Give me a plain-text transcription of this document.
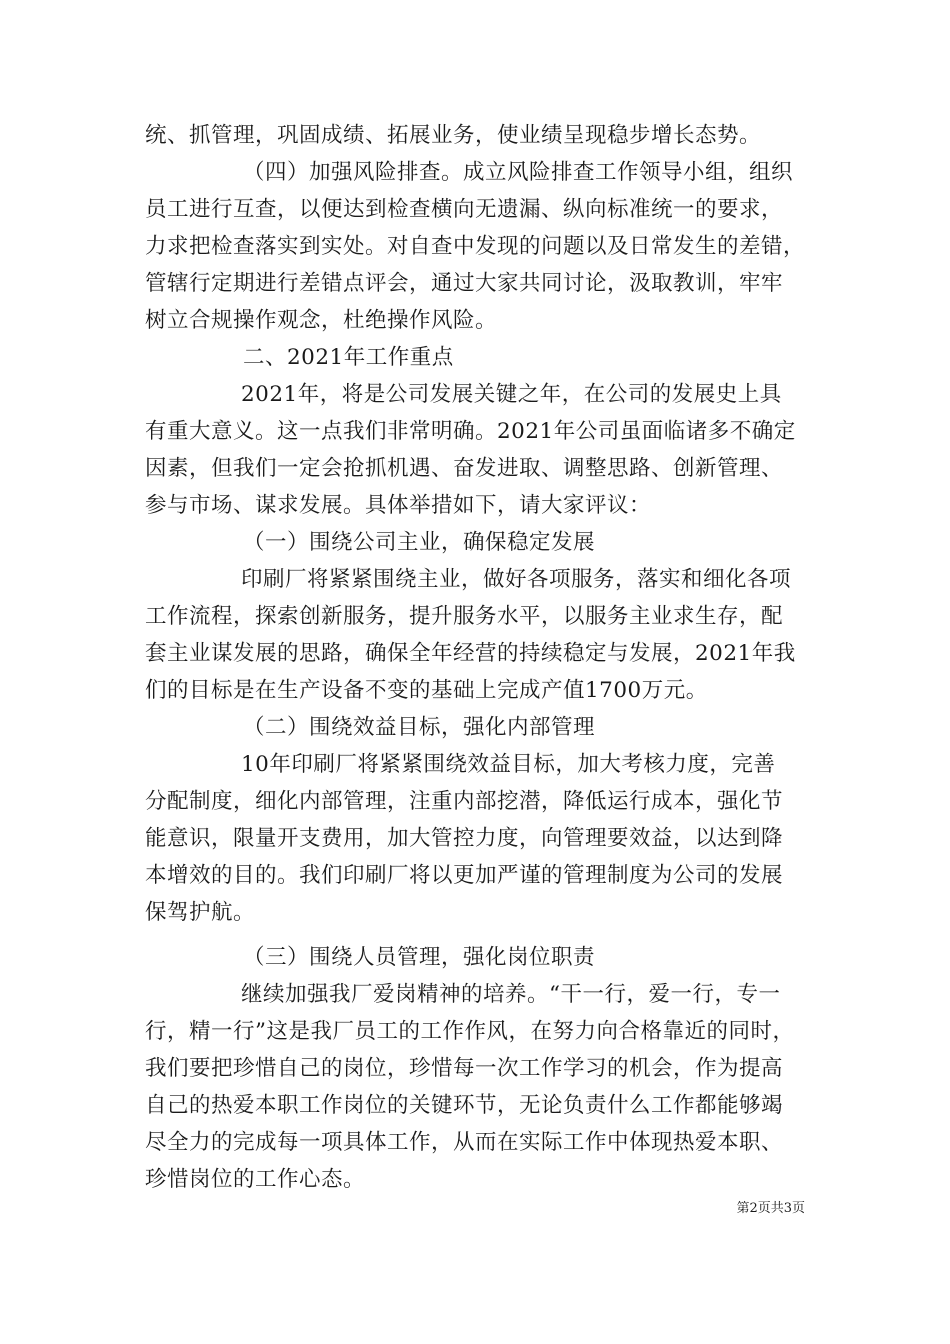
统、抓管理，巩固成绩、拓展业务，使业绩呈现稳步增长态势。
（四）加强风险排查。成立风险排查工作领导小组，组织
员工进行互查，以便达到检查横向无遗漏、纵向标准统一的要求，
力求把检查落实到实处。对自查中发现的问题以及日常发生的差错，
管辖行定期进行差错点评会，通过大家共同讨论，汲取教训，牢牢
树立合规操作观念，杜绝操作风险。
二、2021年工作重点
2021年，将是公司发展关键之年，在公司的发展史上具
有重大意义。这一点我们非常明确。2021年公司虽面临诸多不确定
因素，但我们一定会抢抓机遇、奋发进取、调整思路、创新管理、
参与市场、谋求发展。具体举措如下，请大家评议：
（一）围绕公司主业，确保稳定发展
印刷厂将紧紧围绕主业，做好各项服务，落实和细化各项
工作流程，探索创新服务，提升服务水平，以服务主业求生存，配
套主业谋发展的思路，确保全年经营的持续稳定与发展，2021年我
们的目标是在生产设备不变的基础上完成产值1700万元。
（二）围绕效益目标，强化内部管理
10年印刷厂将紧紧围绕效益目标，加大考核力度，完善
分配制度，细化内部管理，注重内部挖潜，降低运行成本，强化节
能意识，限量开支费用，加大管控力度，向管理要效益，以达到降
本增效的目的。我们印刷厂将以更加严谨的管理制度为公司的发展
保驾护航。
（三）围绕人员管理，强化岗位职责
继续加强我厂爱岗精神的培养。“干一行，爱一行，专一
行，精一行”这是我厂员工的工作作风，在努力向合格靠近的同时，
我们要把珍惜自己的岗位，珍惜每一次工作学习的机会，作为提高
自己的热爱本职工作岗位的关键环节，无论负责什么工作都能够竭
尽全力的完成每一项具体工作，从而在实际工作中体现热爱本职、
珍惜岗位的工作心态。
第2页共3页
